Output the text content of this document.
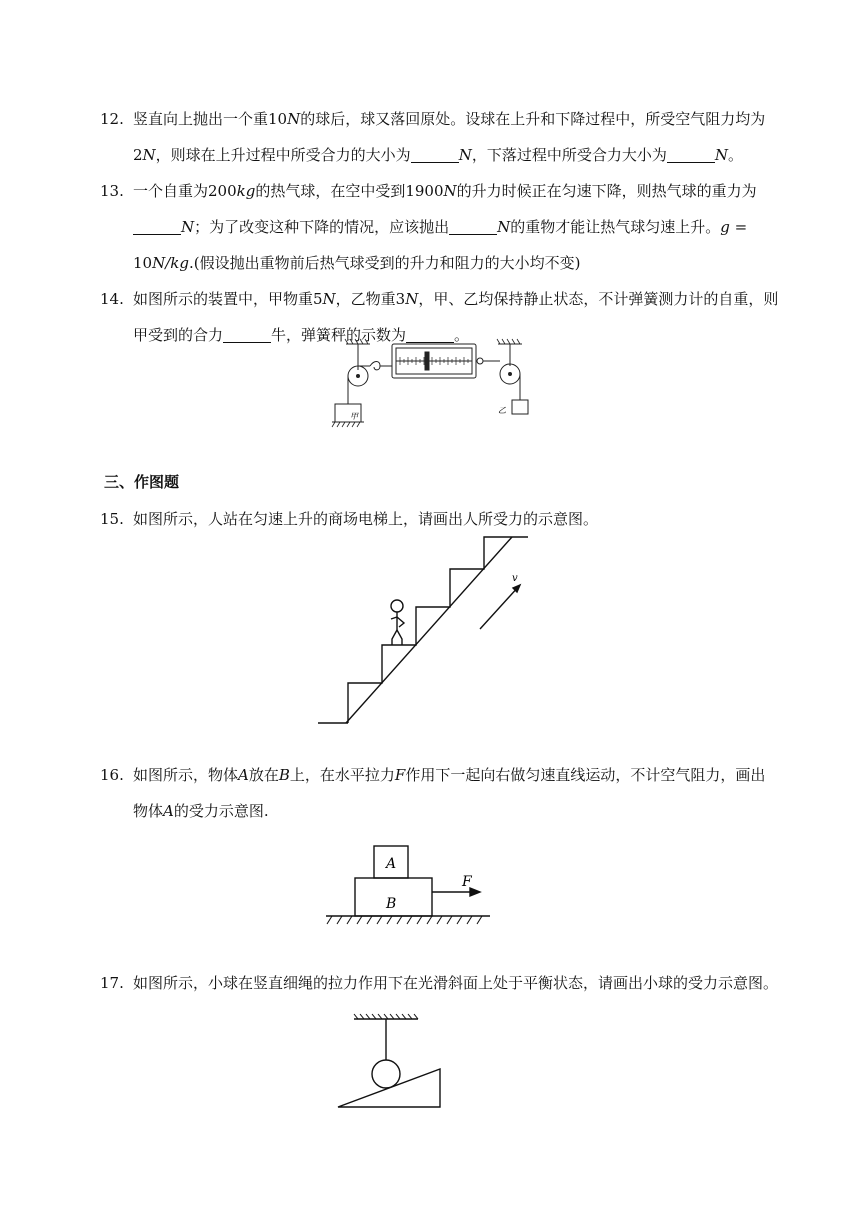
12. 竖直向上抛出一个重10N的球后，球又落回原处。设球在上升和下降过程中，所受空气阻力均为2N，则球在上升过程中所受合力的大小为	N，下落过程中所受合力大小为	N。
13. 一个自重为200kg的热气球，在空中受到1900N的升力时候正在匀速下降，则热气球的重力为N；为了改变这种下降的情况，应该抛出	N的重物才能让热气球匀速上升。g = 10N/kg.(假设抛出重物前后热气球受到的升力和阻力的大小均不变)
14. 如图所示的装置中，甲物重5N，乙物重3N，甲、乙均保持静止状态，不计弹簧测力计的自重，则甲受到的合力	牛，弹簧秤的示数为	。
甲
乙
三、作图题
15. 如图所示，人站在匀速上升的商场电梯上，请画出人所受力的示意图。
v
16. 如图所示，物体A放在B上，在水平拉力F作用下一起向右做匀速直线运动，不计空气阻力，画出物体A的受力示意图.
A
B
F
17. 如图所示，小球在竖直细绳的拉力作用下在光滑斜面上处于平衡状态，请画出小球的受力示意图。
